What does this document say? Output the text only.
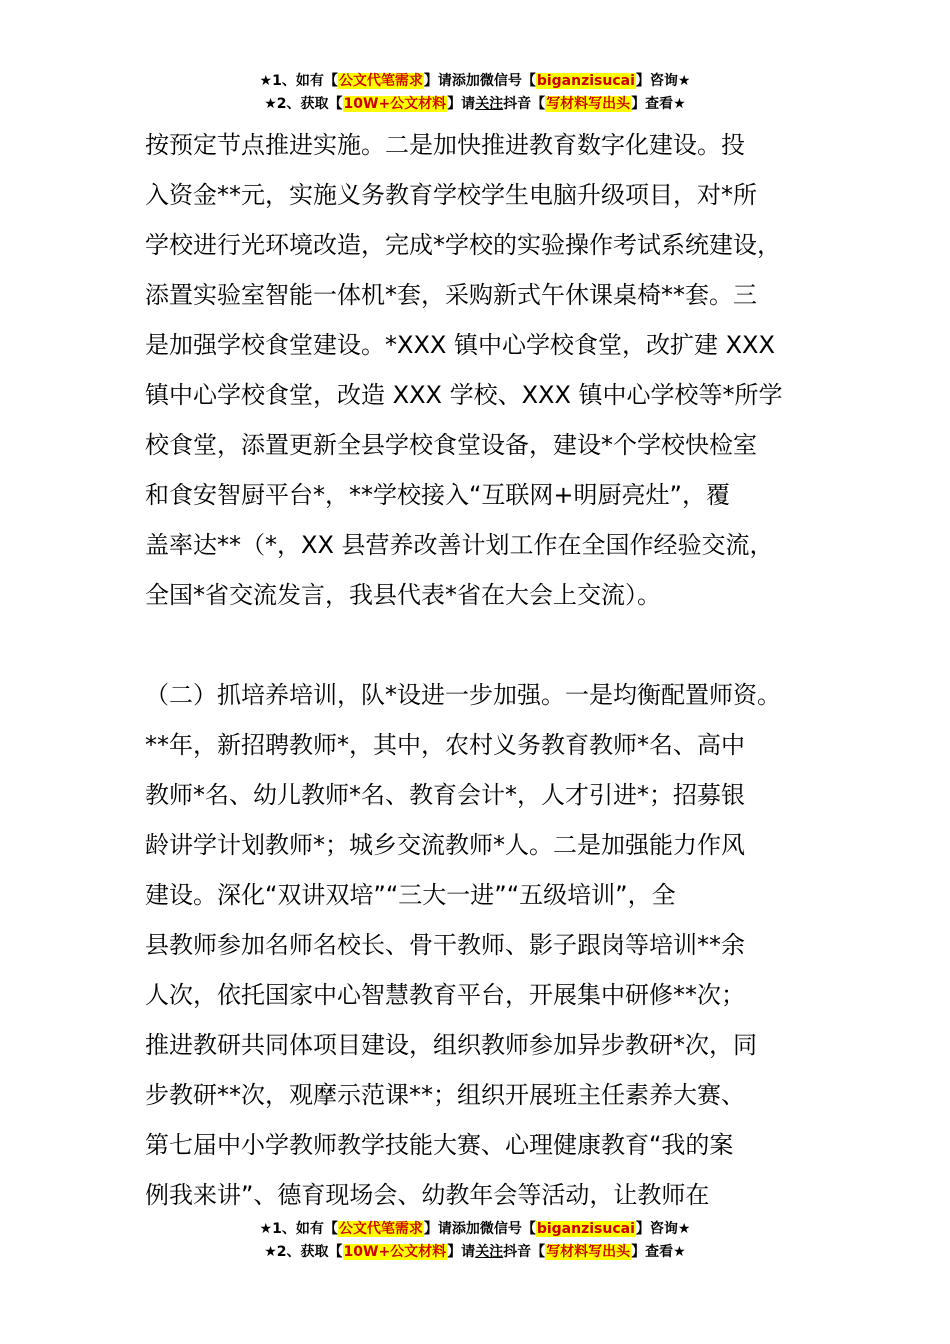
★1、如有【公文代笔需求】请添加微信号【biganzisucai】咨询★
★2、获取【10W+公文材料】请关注抖音【写材料写出头】查看★
按预定节点推进实施。二是加快推进教育数字化建设。投
入资金**元，实施义务教育学校学生电脑升级项目，对*所
学校进行光环境改造，完成*学校的实验操作考试系统建设，
添置实验室智能一体机*套，采购新式午休课桌椅**套。三
是加强学校食堂建设。*XXX 镇中心学校食堂，改扩建 XXX
镇中心学校食堂，改造 XXX 学校、XXX 镇中心学校等*所学
校食堂，添置更新全县学校食堂设备，建设*个学校快检室
和食安智厨平台*，**学校接入“互联网+明厨亮灶”，覆
盖率达**（*，XX 县营养改善计划工作在全国作经验交流，
全国*省交流发言，我县代表*省在大会上交流）。
（二）抓培养培训，队*设进一步加强。一是均衡配置师资。
**年，新招聘教师*，其中，农村义务教育教师*名、高中
教师*名、幼儿教师*名、教育会计*，人才引进*；招募银
龄讲学计划教师*；城乡交流教师*人。二是加强能力作风
建设。深化“双讲双培”“三大一进”“五级培训”，全
县教师参加名师名校长、骨干教师、影子跟岗等培训**余
人次，依托国家中心智慧教育平台，开展集中研修**次；
推进教研共同体项目建设，组织教师参加异步教研*次，同
步教研**次，观摩示范课**；组织开展班主任素养大赛、
第七届中小学教师教学技能大赛、心理健康教育“我的案
例我来讲”、德育现场会、幼教年会等活动，让教师在
★1、如有【公文代笔需求】请添加微信号【biganzisucai】咨询★
★2、获取【10W+公文材料】请关注抖音【写材料写出头】查看★
